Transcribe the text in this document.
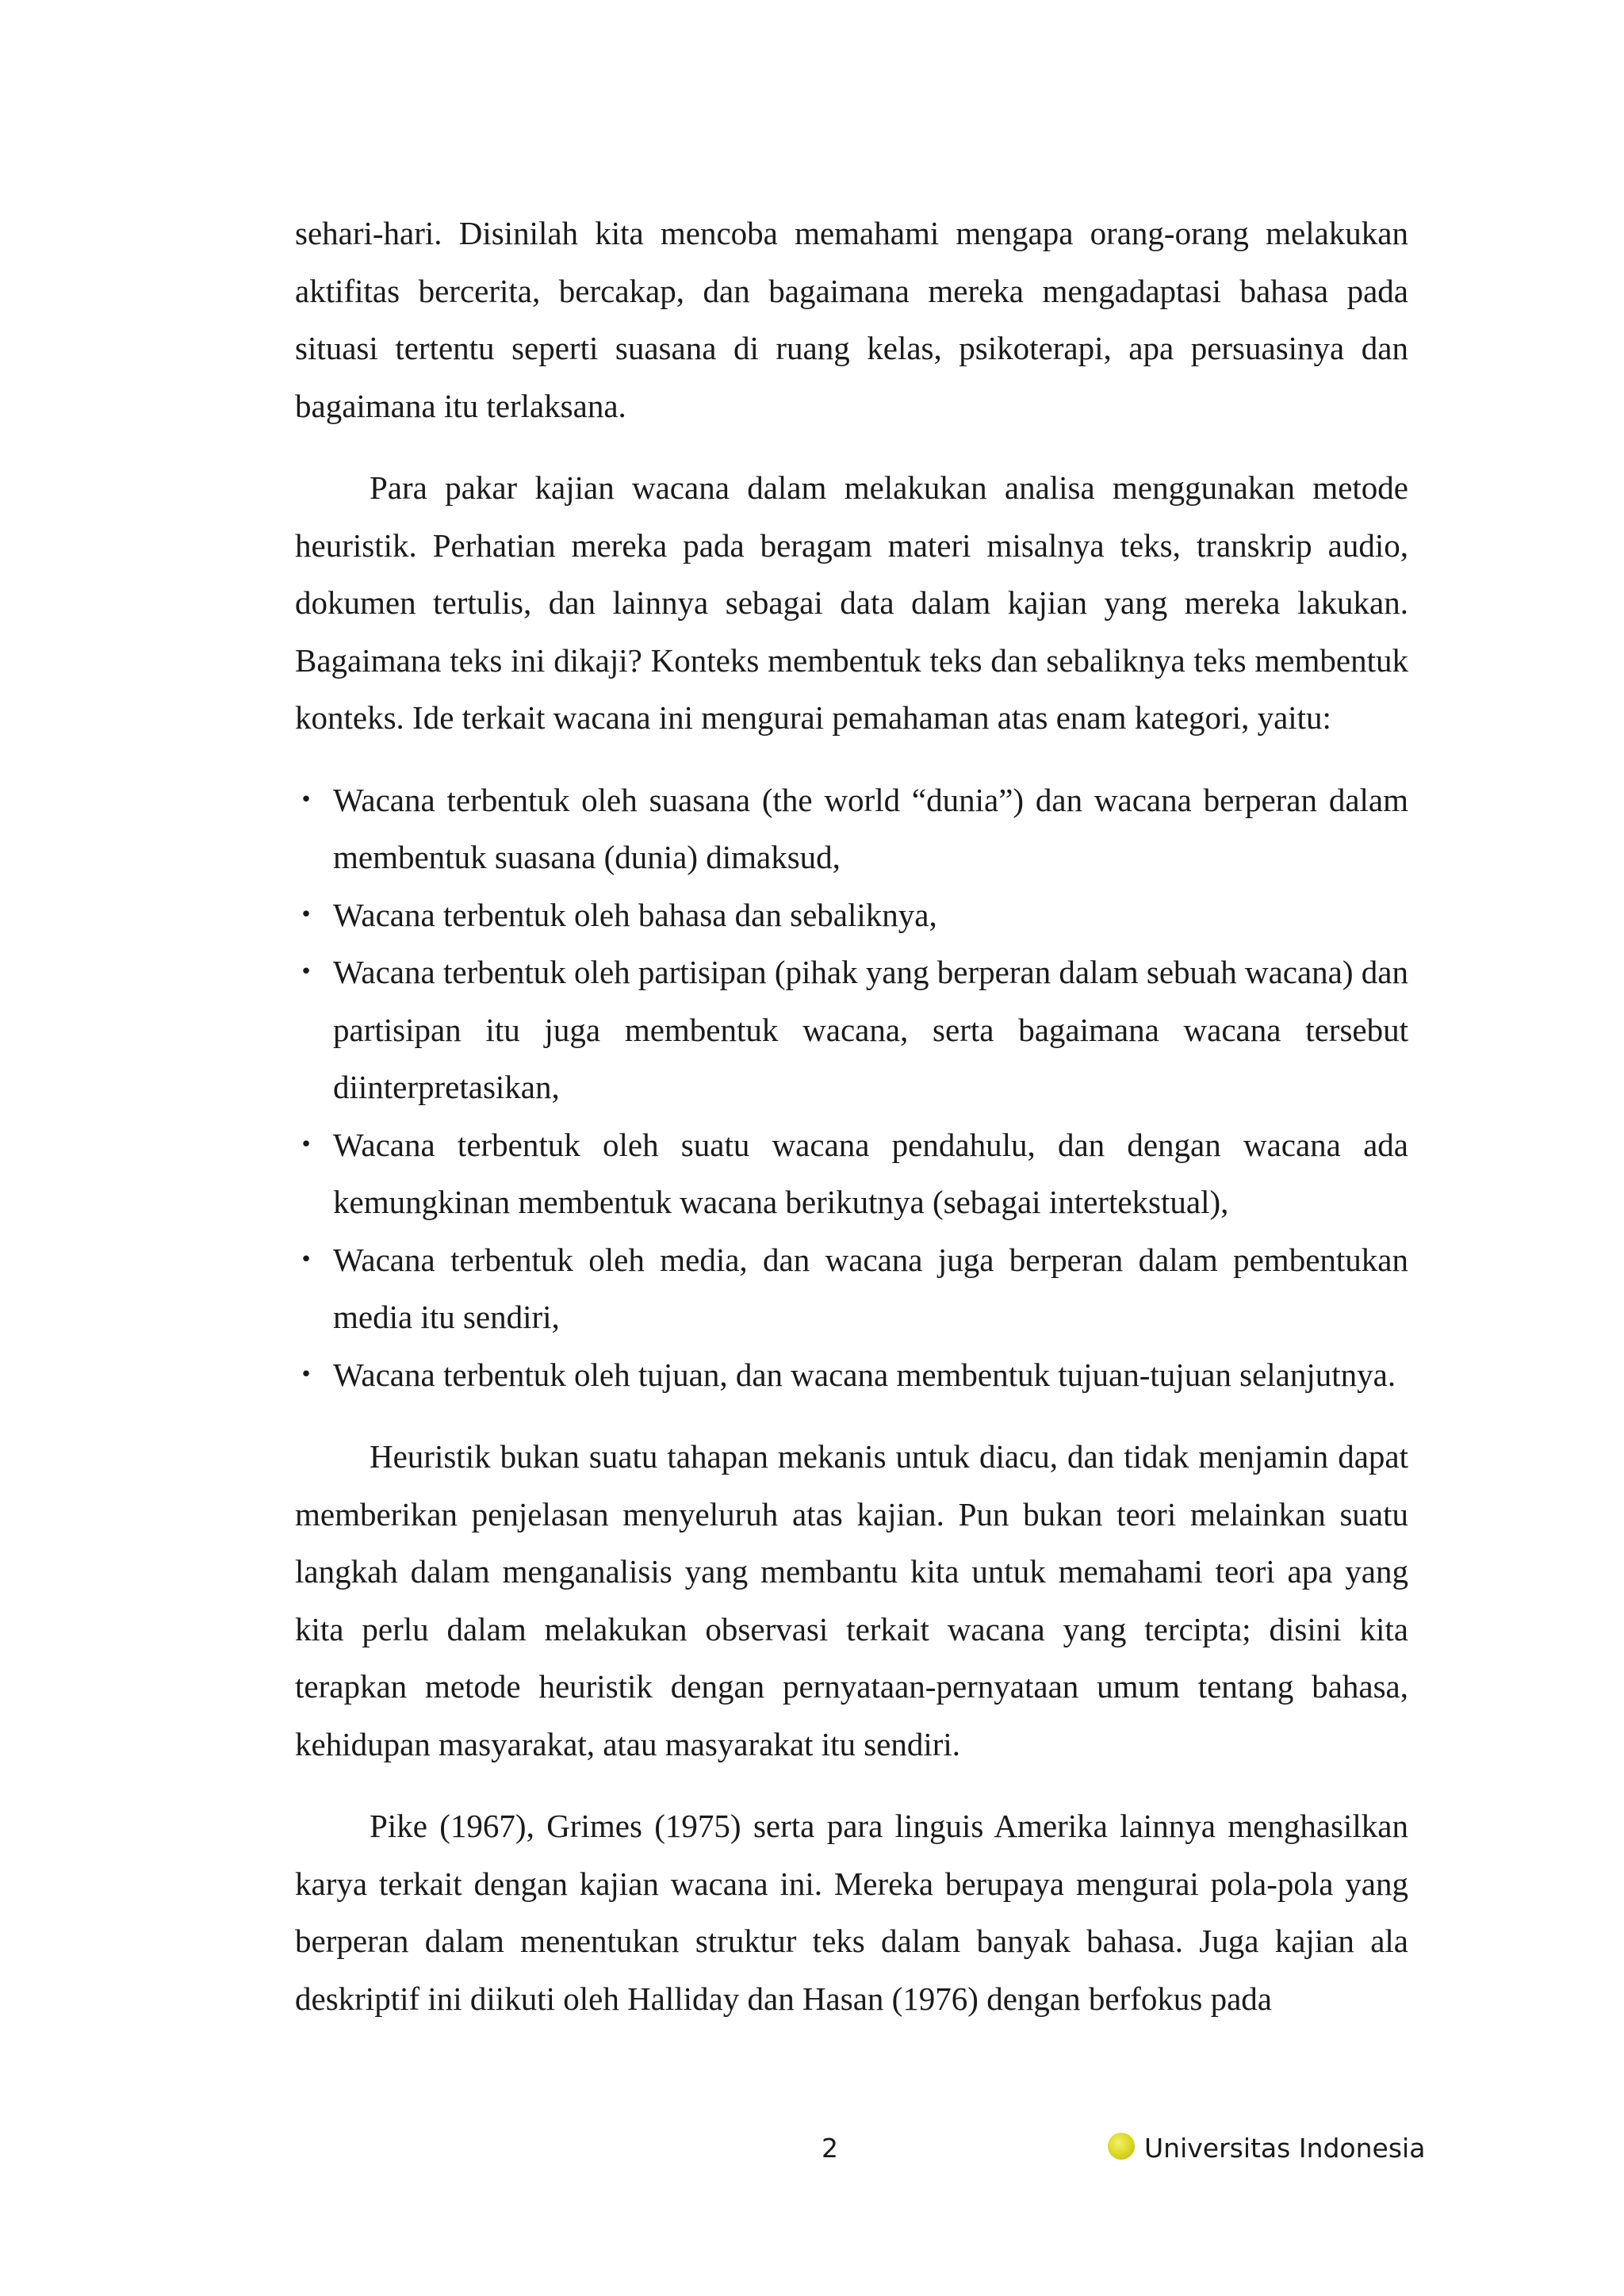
sehari-hari. Disinilah kita mencoba memahami mengapa orang-orang melakukan aktifitas bercerita, bercakap, dan bagaimana mereka mengadaptasi bahasa pada situasi tertentu seperti suasana di ruang kelas, psikoterapi, apa persuasinya dan bagaimana itu terlaksana.

Para pakar kajian wacana dalam melakukan analisa menggunakan metode heuristik. Perhatian mereka pada beragam materi misalnya teks, transkrip audio, dokumen tertulis, dan lainnya sebagai data dalam kajian yang mereka lakukan. Bagaimana teks ini dikaji? Konteks membentuk teks dan sebaliknya teks membentuk konteks. Ide terkait wacana ini mengurai pemahaman atas enam kategori, yaitu:

• Wacana terbentuk oleh suasana (the world “dunia”) dan wacana berperan dalam membentuk suasana (dunia) dimaksud,
• Wacana terbentuk oleh bahasa dan sebaliknya,
• Wacana terbentuk oleh partisipan (pihak yang berperan dalam sebuah wacana) dan partisipan itu juga membentuk wacana, serta bagaimana wacana tersebut diinterpretasikan,
• Wacana terbentuk oleh suatu wacana pendahulu, dan dengan wacana ada kemungkinan membentuk wacana berikutnya (sebagai intertekstual),
• Wacana terbentuk oleh media, dan wacana juga berperan dalam pembentukan media itu sendiri,
• Wacana terbentuk oleh tujuan, dan wacana membentuk tujuan-tujuan selanjutnya.

Heuristik bukan suatu tahapan mekanis untuk diacu, dan tidak menjamin dapat memberikan penjelasan menyeluruh atas kajian. Pun bukan teori melainkan suatu langkah dalam menganalisis yang membantu kita untuk memahami teori apa yang kita perlu dalam melakukan observasi terkait wacana yang tercipta; disini kita terapkan metode heuristik dengan pernyataan-pernyataan umum tentang bahasa, kehidupan masyarakat, atau masyarakat itu sendiri.

Pike (1967), Grimes (1975) serta para linguis Amerika lainnya menghasilkan karya terkait dengan kajian wacana ini. Mereka berupaya mengurai pola-pola yang berperan dalam menentukan struktur teks dalam banyak bahasa. Juga kajian ala deskriptif ini diikuti oleh Halliday dan Hasan (1976) dengan berfokus pada

2	Universitas Indonesia
